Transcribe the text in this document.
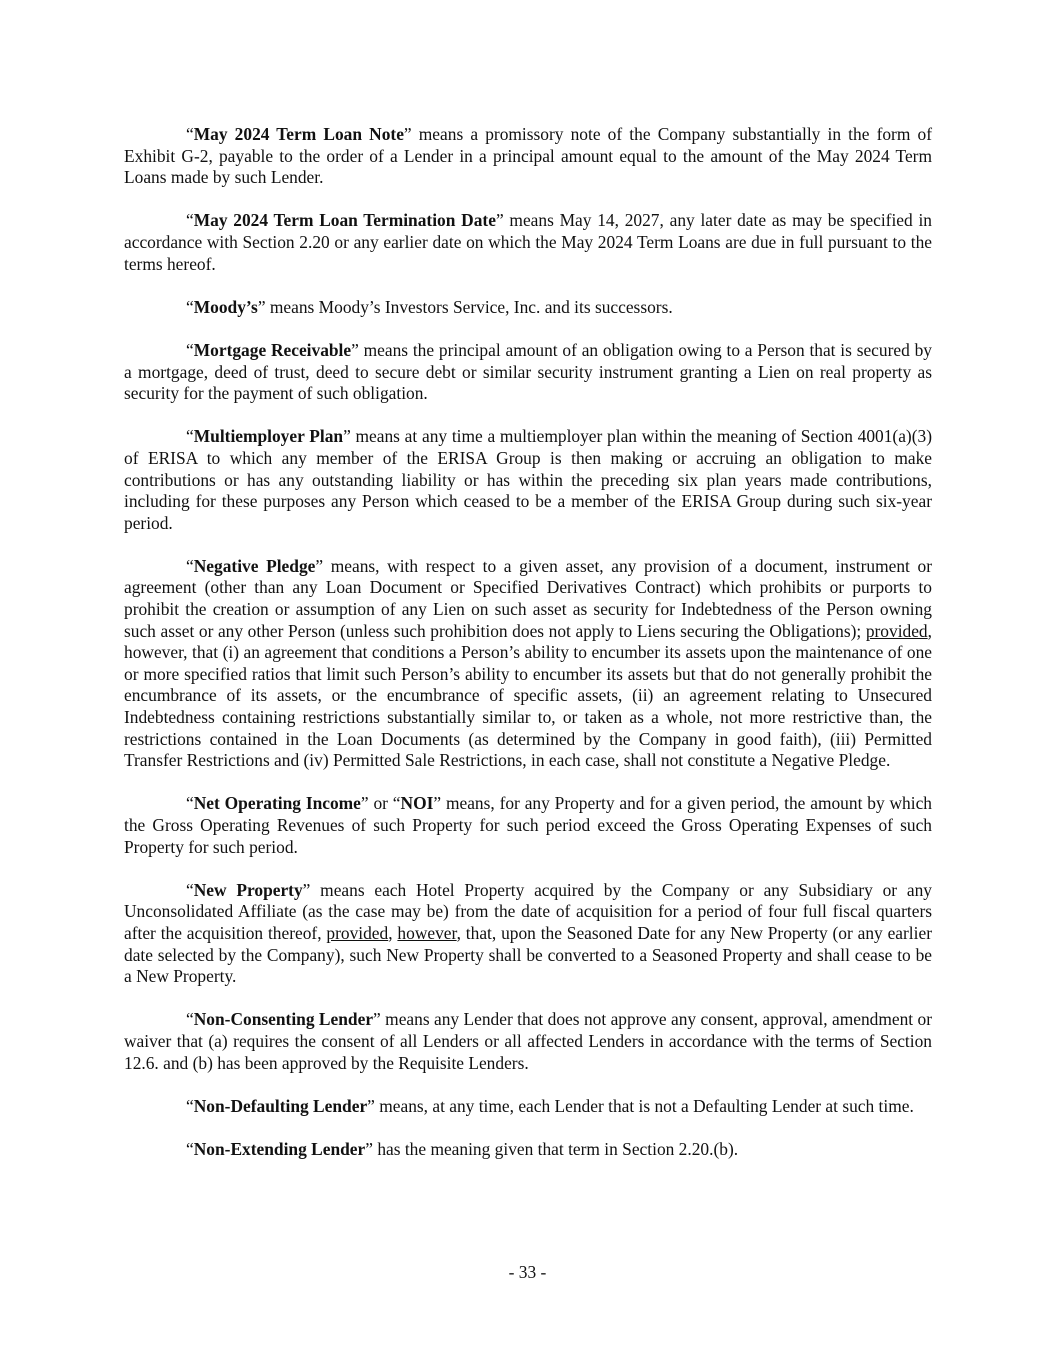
“May 2024 Term Loan Note” means a promissory note of the Company substantially in the form of Exhibit G-2, payable to the order of a Lender in a principal amount equal to the amount of the May 2024 Term Loans made by such Lender.

“May 2024 Term Loan Termination Date” means May 14, 2027, any later date as may be specified in accordance with Section 2.20 or any earlier date on which the May 2024 Term Loans are due in full pursuant to the terms hereof.

“Moody’s” means Moody’s Investors Service, Inc. and its successors.

“Mortgage Receivable” means the principal amount of an obligation owing to a Person that is secured by a mortgage, deed of trust, deed to secure debt or similar security instrument granting a Lien on real property as security for the payment of such obligation.

“Multiemployer Plan” means at any time a multiemployer plan within the meaning of Section 4001(a)(3) of ERISA to which any member of the ERISA Group is then making or accruing an obligation to make contributions or has any outstanding liability or has within the preceding six plan years made contributions, including for these purposes any Person which ceased to be a member of the ERISA Group during such six-year period.

“Negative Pledge” means, with respect to a given asset, any provision of a document, instrument or agreement (other than any Loan Document or Specified Derivatives Contract) which prohibits or purports to prohibit the creation or assumption of any Lien on such asset as security for Indebtedness of the Person owning such asset or any other Person (unless such prohibition does not apply to Liens securing the Obligations); provided, however, that (i) an agreement that conditions a Person’s ability to encumber its assets upon the maintenance of one or more specified ratios that limit such Person’s ability to encumber its assets but that do not generally prohibit the encumbrance of its assets, or the encumbrance of specific assets, (ii) an agreement relating to Unsecured Indebtedness containing restrictions substantially similar to, or taken as a whole, not more restrictive than, the restrictions contained in the Loan Documents (as determined by the Company in good faith), (iii) Permitted Transfer Restrictions and (iv) Permitted Sale Restrictions, in each case, shall not constitute a Negative Pledge.

“Net Operating Income” or “NOI” means, for any Property and for a given period, the amount by which the Gross Operating Revenues of such Property for such period exceed the Gross Operating Expenses of such Property for such period.

“New Property” means each Hotel Property acquired by the Company or any Subsidiary or any Unconsolidated Affiliate (as the case may be) from the date of acquisition for a period of four full fiscal quarters after the acquisition thereof, provided, however, that, upon the Seasoned Date for any New Property (or any earlier date selected by the Company), such New Property shall be converted to a Seasoned Property and shall cease to be a New Property.

“Non-Consenting Lender” means any Lender that does not approve any consent, approval, amendment or waiver that (a) requires the consent of all Lenders or all affected Lenders in accordance with the terms of Section 12.6. and (b) has been approved by the Requisite Lenders.

“Non-Defaulting Lender” means, at any time, each Lender that is not a Defaulting Lender at such time.

“Non-Extending Lender” has the meaning given that term in Section 2.20.(b).

- 33 -
